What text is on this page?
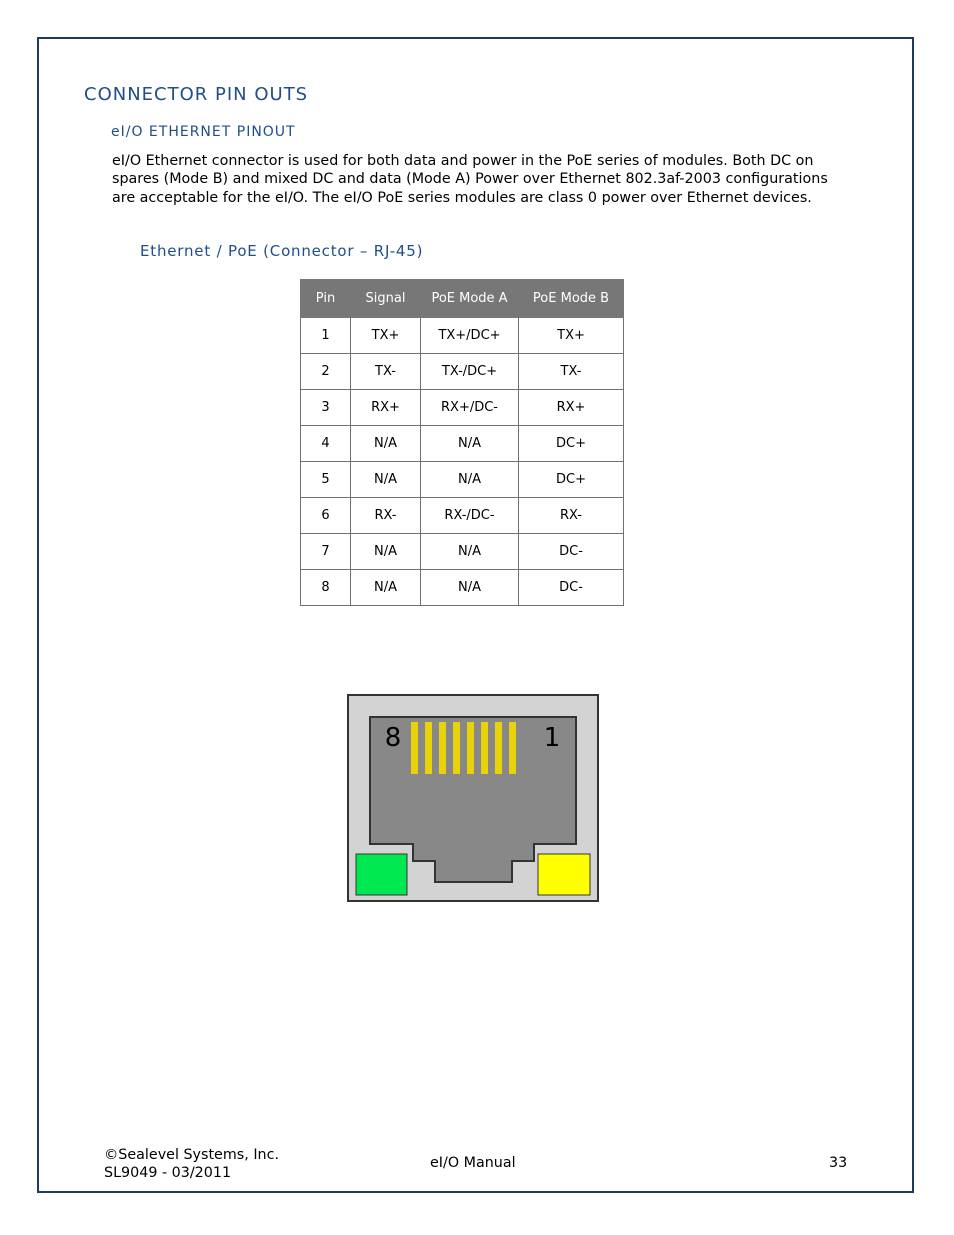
CONNECTOR PIN OUTS
eI/O ETHERNET PINOUT
eI/O Ethernet connector is used for both data and power in the PoE series of modules. Both DC on spares (Mode B) and mixed DC and data (Mode A) Power over Ethernet 802.3af-2003 configurations are acceptable for the eI/O. The eI/O PoE series modules are class 0 power over Ethernet devices.
Ethernet / PoE (Connector – RJ-45)
Pin	Signal	PoE Mode A	PoE Mode B
1	TX+	TX+/DC+	TX+
2	TX-	TX-/DC+	TX-
3	RX+	RX+/DC-	RX+
4	N/A	N/A	DC+
5	N/A	N/A	DC+
6	RX-	RX-/DC-	RX-
7	N/A	N/A	DC-
8	N/A	N/A	DC-
8	1
©Sealevel Systems, Inc.
SL9049 - 03/2011
eI/O Manual	33
